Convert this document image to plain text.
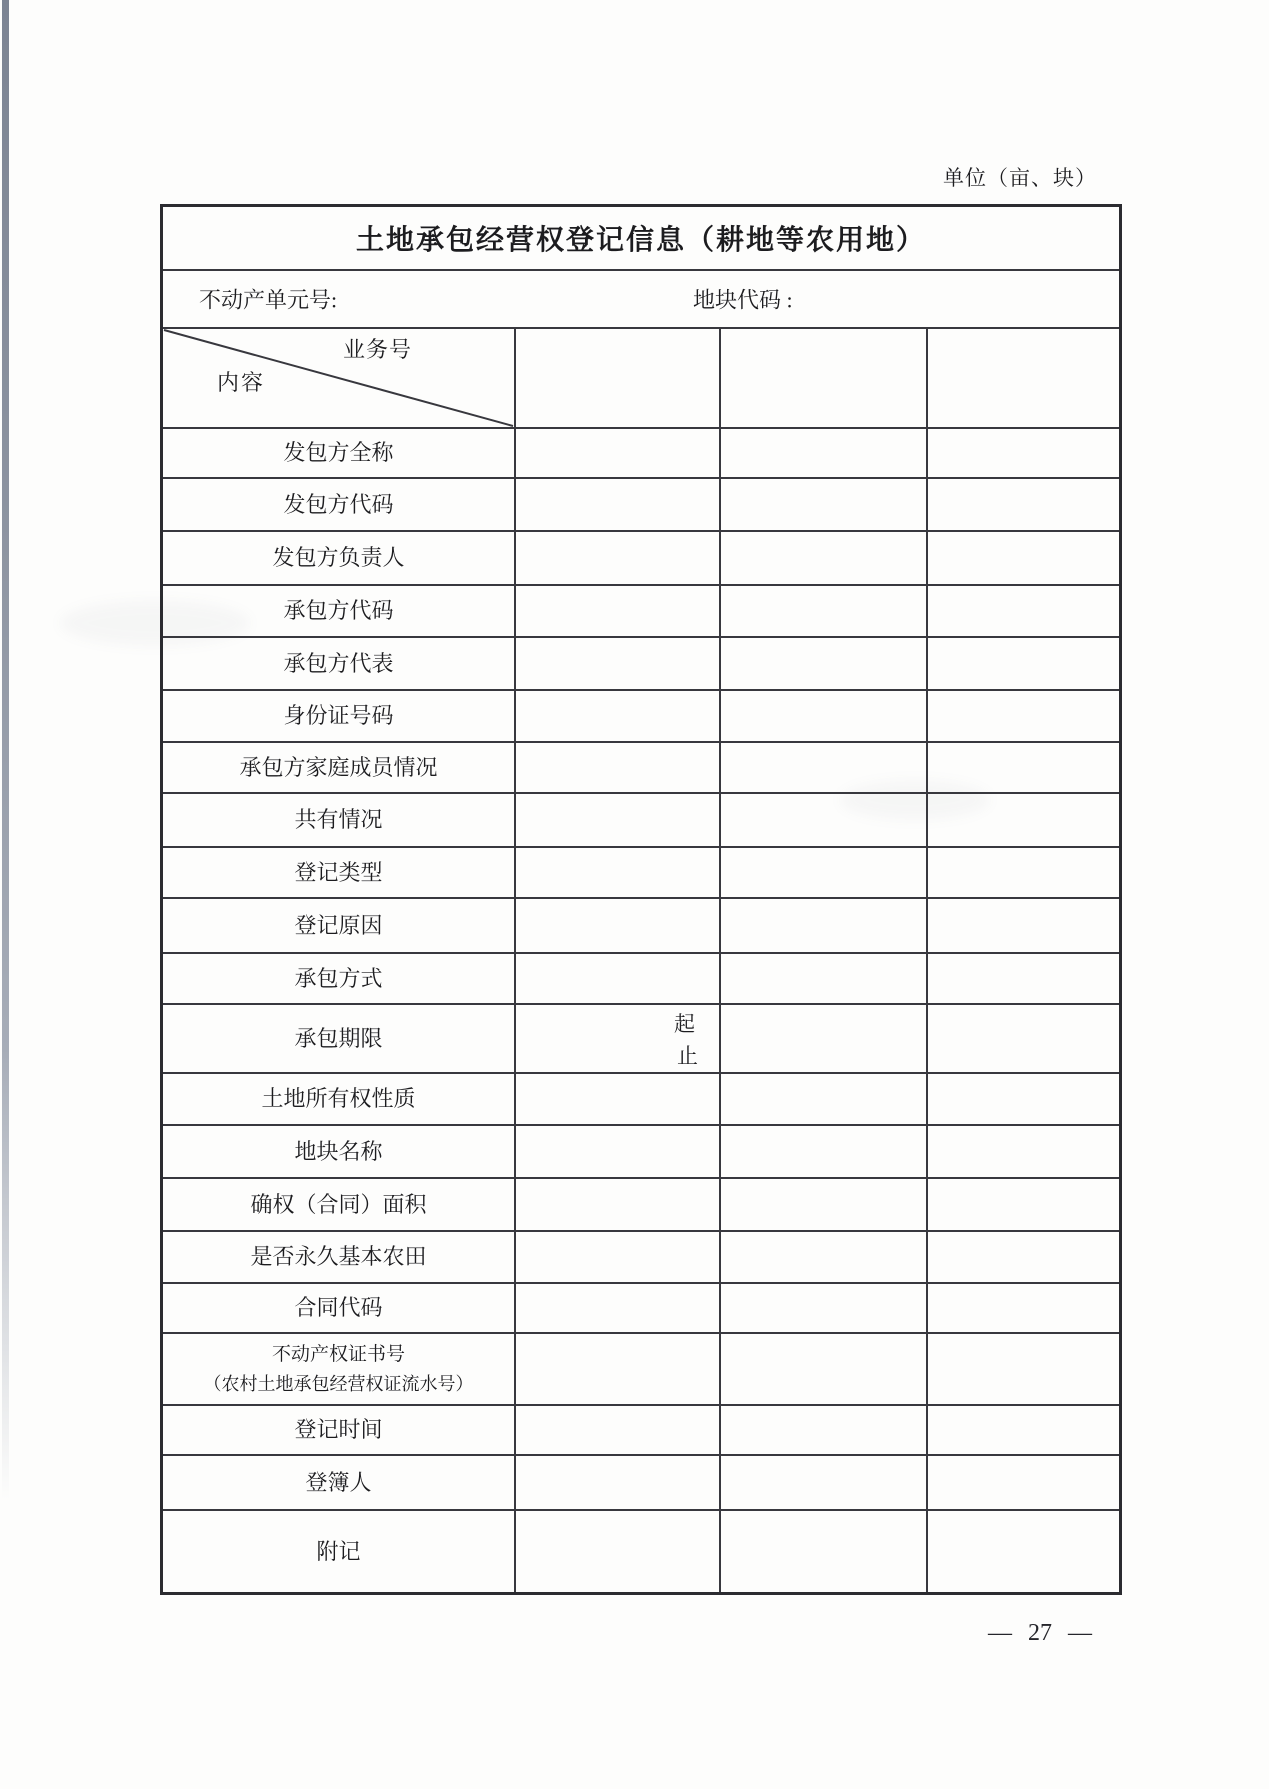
单位（亩、块）
土地承包经营权登记信息（耕地等农用地）
不动产单元号:	地块代码 :
业务号
内容
发包方全称
发包方代码
发包方负责人
承包方代码
承包方代表
身份证号码
承包方家庭成员情况
共有情况
登记类型
登记原因
承包方式
承包期限
起
止
土地所有权性质
地块名称
确权（合同）面积
是否永久基本农田
合同代码
不动产权证书号
（农村土地承包经营权证流水号）
登记时间
登簿人
附记
— 27 —
